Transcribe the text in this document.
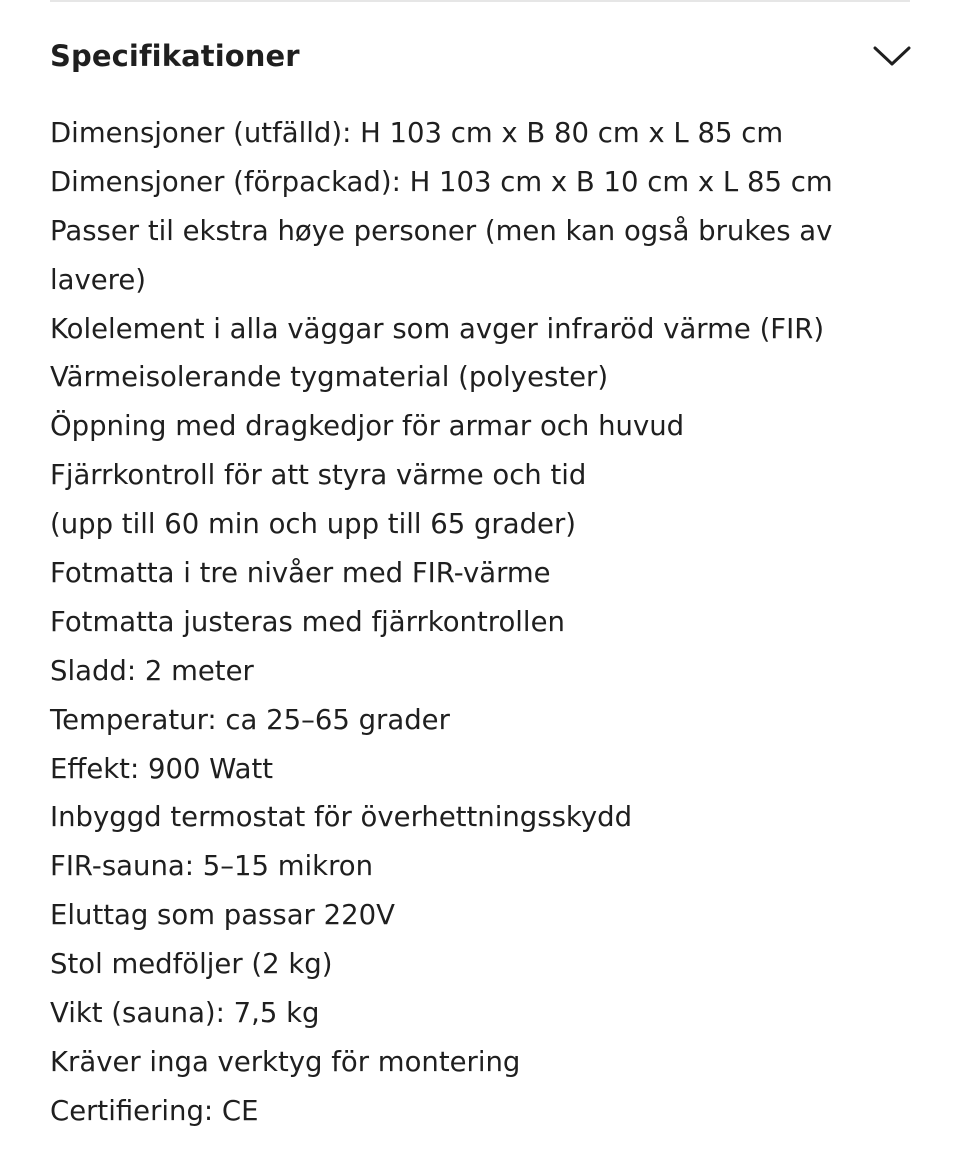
Specifikationer
Dimensjoner (utfälld): H 103 cm x B 80 cm x L 85 cm
Dimensjoner (förpackad): H 103 cm x B 10 cm x L 85 cm
Passer til ekstra høye personer (men kan også brukes av
lavere)
Kolelement i alla väggar som avger infraröd värme (FIR)
Värmeisolerande tygmaterial (polyester)
Öppning med dragkedjor för armar och huvud
Fjärrkontroll för att styra värme och tid
(upp till 60 min och upp till 65 grader)
Fotmatta i tre nivåer med FIR-värme
Fotmatta justeras med fjärrkontrollen
Sladd: 2 meter
Temperatur: ca 25–65 grader
Effekt: 900 Watt
Inbyggd termostat för överhettningsskydd
FIR-sauna: 5–15 mikron
Eluttag som passar 220V
Stol medföljer (2 kg)
Vikt (sauna): 7,5 kg
Kräver inga verktyg för montering
Certifiering: CE
